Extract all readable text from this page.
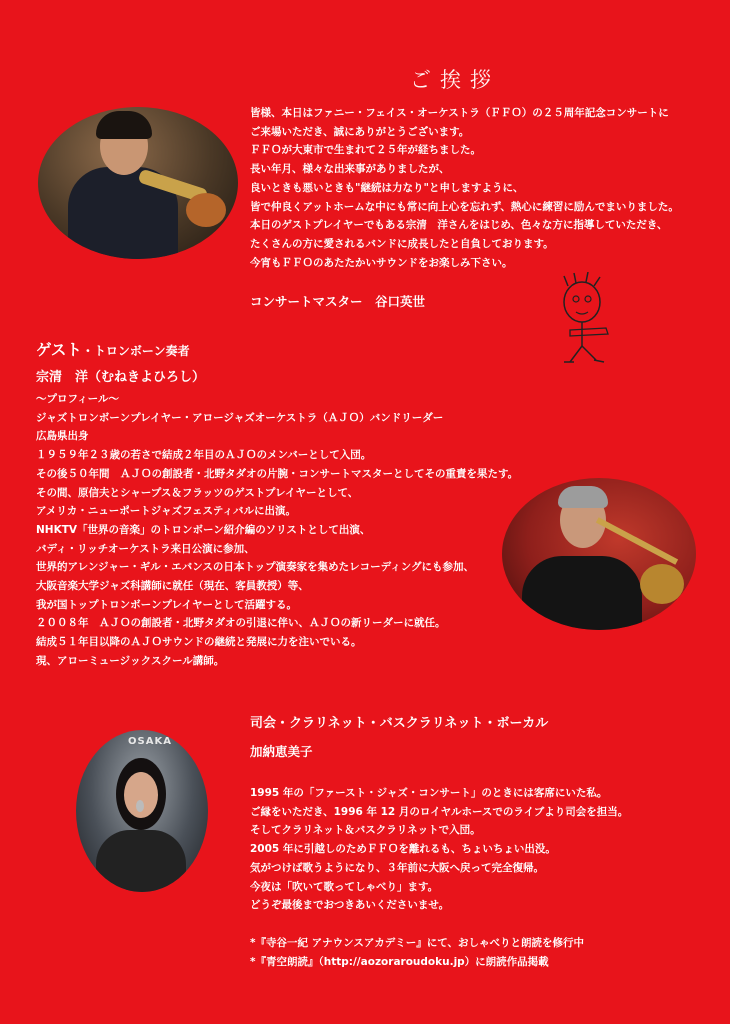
ご挨拶
皆様、本日はファニー・フェイス・オーケストラ（ＦＦＯ）の２５周年記念コンサートに
ご来場いただき、誠にありがとうございます。
ＦＦＯが大東市で生まれて２５年が経ちました。
長い年月、様々な出来事がありましたが、
良いときも悪いときも"継続は力なり"と申しますように、
皆で仲良くアットホームな中にも常に向上心を忘れず、熱心に練習に励んでまいりました。
本日のゲストプレイヤーでもある宗清　洋さんをはじめ、色々な方に指導していただき、
たくさんの方に愛されるバンドに成長したと自負しております。
今宵もＦＦＯのあたたかいサウンドをお楽しみ下さい。
コンサートマスター　谷口英世
ゲスト・トロンボーン奏者
宗清　洋（むねきよひろし）
～プロフィール～
ジャズトロンボーンプレイヤー・アロージャズオーケストラ（ＡＪＯ）バンドリーダー
広島県出身
１９５９年２３歳の若さで結成２年目のＡＪＯのメンバーとして入団。
その後５０年間　ＡＪＯの創設者・北野タダオの片腕・コンサートマスターとしてその重責を果たす。
その間、原信夫とシャープス＆フラッツのゲストプレイヤーとして、
アメリカ・ニューポートジャズフェスティバルに出演。
NHKTV「世界の音楽」のトロンボーン紹介編のソリストとして出演、
バディ・リッチオーケストラ来日公演に参加、
世界的アレンジャー・ギル・エバンスの日本トップ演奏家を集めたレコーディングにも参加、
大阪音楽大学ジャズ科講師に就任（現在、客員教授）等、
我が国トップトロンボーンプレイヤーとして活躍する。
２００８年　ＡＪＯの創設者・北野タダオの引退に伴い、ＡＪＯの新リーダーに就任。
結成５１年目以降のＡＪＯサウンドの継続と発展に力を注いでいる。
現、アローミュージックスクール講師。
司会・クラリネット・バスクラリネット・ボーカル
加納恵美子
1995 年の「ファースト・ジャズ・コンサート」のときには客席にいた私。
ご縁をいただき、1996 年 12 月のロイヤルホースでのライブより司会を担当。
そしてクラリネット＆バスクラリネットで入団。
2005 年に引越しのためＦＦＯを離れるも、ちょいちょい出没。
気がつけば歌うようになり、３年前に大阪へ戻って完全復帰。
今夜は「吹いて歌ってしゃべり」ます。
どうぞ最後までおつきあいくださいませ。
*『寺谷一紀 アナウンスアカデミー』にて、おしゃべりと朗読を修行中
*『青空朗読』（http://aozoraroudoku.jp）に朗読作品掲載
OSAKA
